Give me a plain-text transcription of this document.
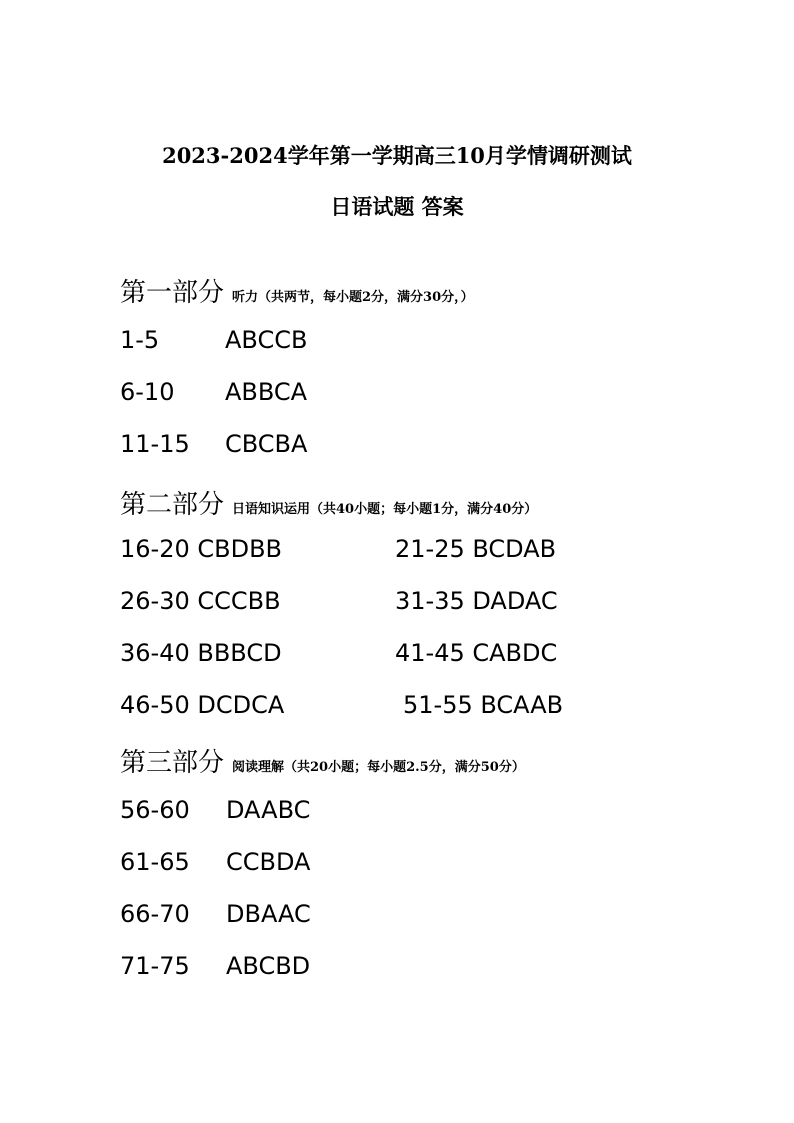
2023-2024学年第一学期高三10月学情调研测试
日语试题 答案
第一部分 听力（共两节，每小题2分，满分30分，）
1-5	ABCCB
6-10 ABBCA
11-15 CBCBA
第二部分 日语知识运用（共40小题；每小题1分，满分40分）
16-20 CBDBB	21-25 BCDAB
26-30 CCCBB	31-35 DADAC
36-40 BBBCD	41-45 CABDC
46-50 DCDCA	51-55 BCAAB
第三部分 阅读理解（共20小题；每小题2.5分，满分50分）
56-60 DAABC
61-65 CCBDA
66-70 DBAAC
71-75 ABCBD
